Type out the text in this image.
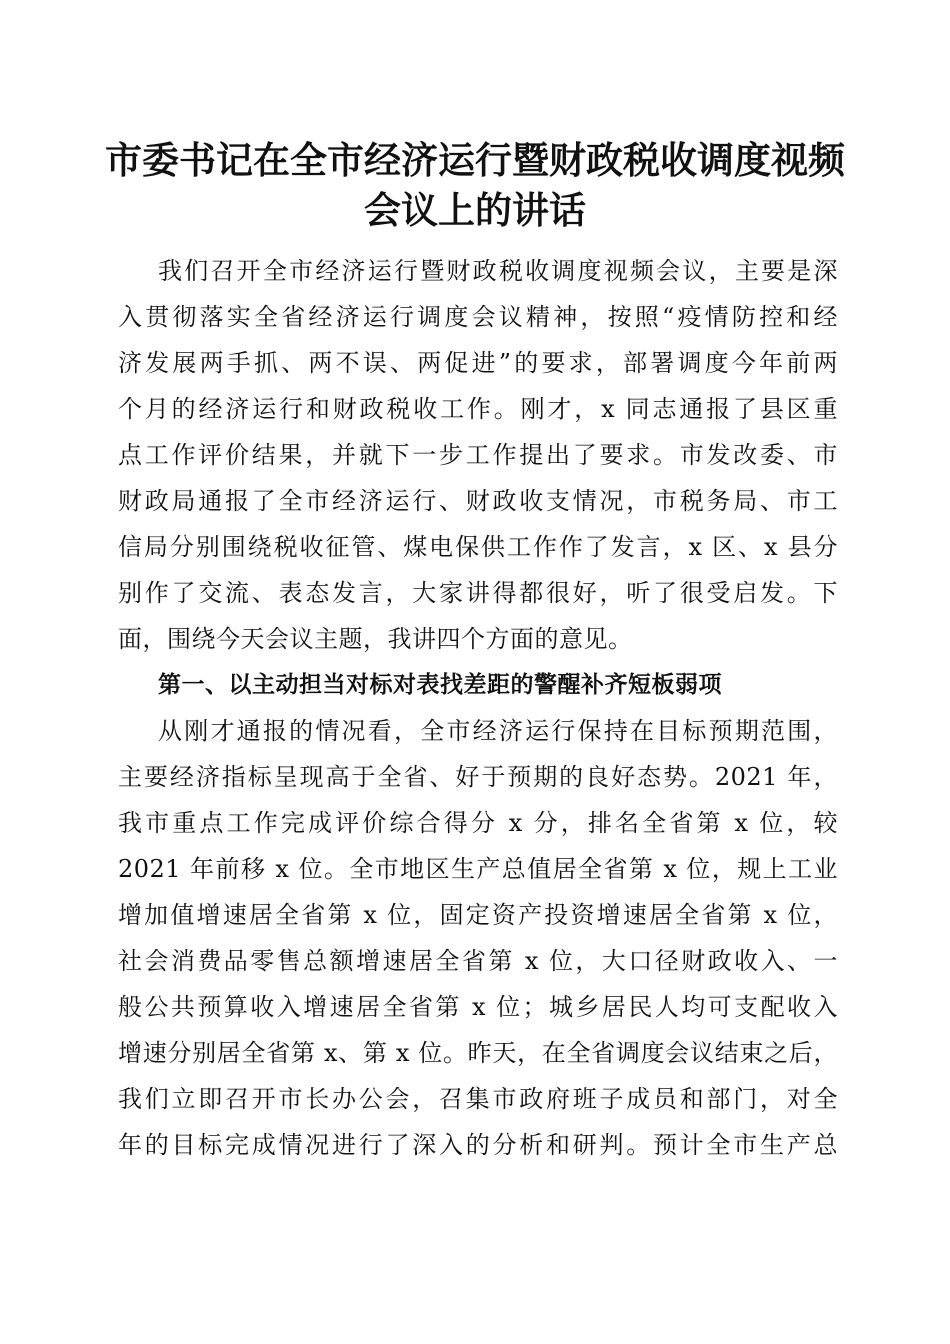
市委书记在全市经济运行暨财政税收调度视频
会议上的讲话
我们召开全市经济运行暨财政税收调度视频会议，主要是深
入贯彻落实全省经济运行调度会议精神，按照“疫情防控和经
济发展两手抓、两不误、两促进”的要求，部署调度今年前两
个月的经济运行和财政税收工作。刚才，x 同志通报了县区重
点工作评价结果，并就下一步工作提出了要求。市发改委、市
财政局通报了全市经济运行、财政收支情况，市税务局、市工
信局分别围绕税收征管、煤电保供工作作了发言，x 区、x 县分
别作了交流、表态发言，大家讲得都很好，听了很受启发。下
面，围绕今天会议主题，我讲四个方面的意见。
第一、以主动担当对标对表找差距的警醒补齐短板弱项
从刚才通报的情况看，全市经济运行保持在目标预期范围，
主要经济指标呈现高于全省、好于预期的良好态势。2021 年，
我市重点工作完成评价综合得分 x 分，排名全省第 x 位，较
2021 年前移 x 位。全市地区生产总值居全省第 x 位，规上工业
增加值增速居全省第 x 位，固定资产投资增速居全省第 x 位，
社会消费品零售总额增速居全省第 x 位，大口径财政收入、一
般公共预算收入增速居全省第 x 位；城乡居民人均可支配收入
增速分别居全省第 x、第 x 位。昨天，在全省调度会议结束之后，
我们立即召开市长办公会，召集市政府班子成员和部门，对全
年的目标完成情况进行了深入的分析和研判。预计全市生产总
